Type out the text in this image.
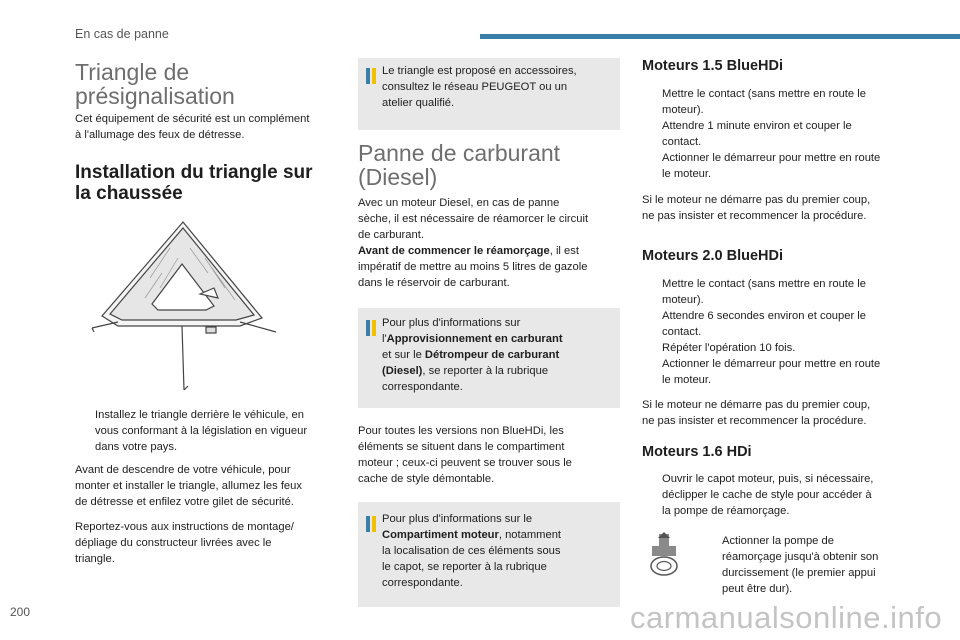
En cas de panne
Triangle de
présignalisation
Cet équipement de sécurité est un complément
à l'allumage des feux de détresse.
Installation du triangle sur
la chaussée
Installez le triangle derrière le véhicule, en
vous conformant à la législation en vigueur
dans votre pays.
Avant de descendre de votre véhicule, pour
monter et installer le triangle, allumez les feux
de détresse et enfilez votre gilet de sécurité.
Reportez-vous aux instructions de montage/
dépliage du constructeur livrées avec le
triangle.
Le triangle est proposé en accessoires,
consultez le réseau PEUGEOT ou un
atelier qualifié.
Panne de carburant
(Diesel)
Avec un moteur Diesel, en cas de panne
sèche, il est nécessaire de réamorcer le circuit
de carburant.
Avant de commencer le réamorçage, il est
impératif de mettre au moins 5 litres de gazole
dans le réservoir de carburant.
Pour plus d'informations sur
l'Approvisionnement en carburant
et sur le Détrompeur de carburant
(Diesel), se reporter à la rubrique
correspondante.
Pour toutes les versions non BlueHDi, les
éléments se situent dans le compartiment
moteur ; ceux-ci peuvent se trouver sous le
cache de style démontable.
Pour plus d'informations sur le
Compartiment moteur, notamment
la localisation de ces éléments sous
le capot, se reporter à la rubrique
correspondante.
Moteurs 1.5 BlueHDi
Mettre le contact (sans mettre en route le
moteur).
Attendre 1 minute environ et couper le
contact.
Actionner le démarreur pour mettre en route
le moteur.
Si le moteur ne démarre pas du premier coup,
ne pas insister et recommencer la procédure.
Moteurs 2.0 BlueHDi
Mettre le contact (sans mettre en route le
moteur).
Attendre 6 secondes environ et couper le
contact.
Répéter l'opération 10 fois.
Actionner le démarreur pour mettre en route
le moteur.
Si le moteur ne démarre pas du premier coup,
ne pas insister et recommencer la procédure.
Moteurs 1.6 HDi
Ouvrir le capot moteur, puis, si nécessaire,
déclipper le cache de style pour accéder à
la pompe de réamorçage.
Actionner la pompe de
réamorçage jusqu'à obtenir son
durcissement (le premier appui
peut être dur).
200	carmanualsonline.info
